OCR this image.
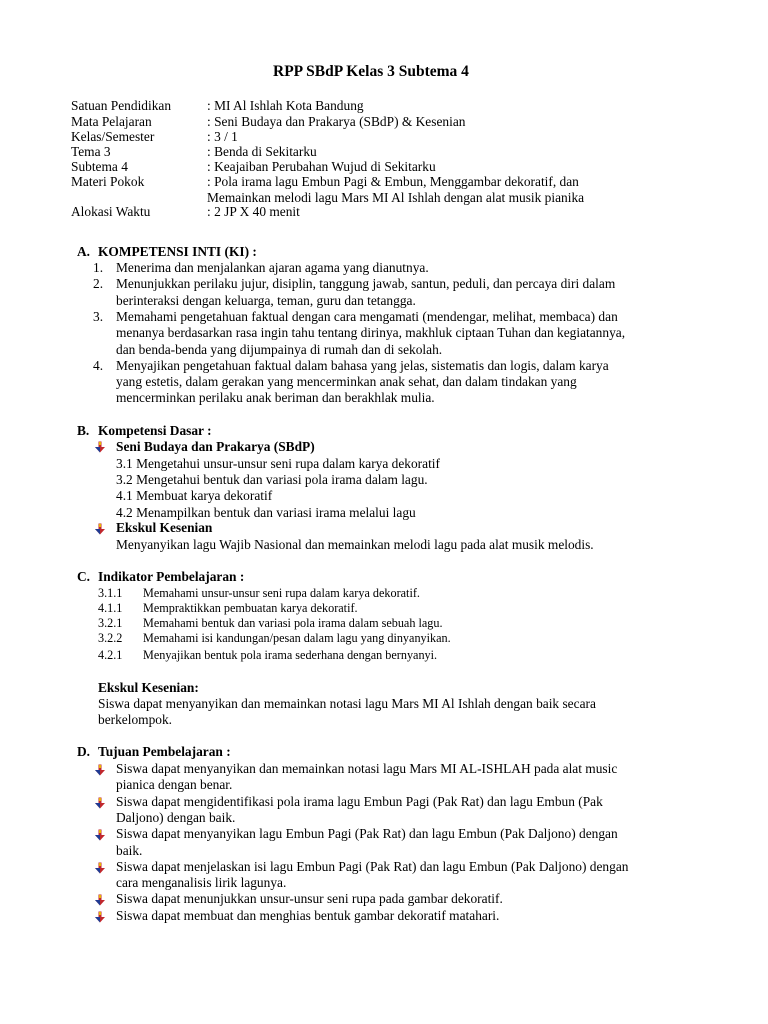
RPP SBdP Kelas 3 Subtema 4
Satuan Pendidikan	: MI Al Ishlah Kota Bandung
Mata Pelajaran	: Seni Budaya dan Prakarya (SBdP) & Kesenian
Kelas/Semester	: 3 / 1
Tema 3	: Benda di Sekitarku
Subtema 4	: Keajaiban Perubahan Wujud di Sekitarku
Materi Pokok	: Pola irama lagu Embun Pagi & Embun, Menggambar dekoratif, dan
Memainkan melodi lagu Mars MI Al Ishlah dengan alat musik pianika
Alokasi Waktu	: 2 JP X 40 menit
A. KOMPETENSI INTI (KI) :
1. Menerima dan menjalankan ajaran agama yang dianutnya.
2. Menunjukkan perilaku jujur, disiplin, tanggung jawab, santun, peduli, dan percaya diri dalam
berinteraksi dengan keluarga, teman, guru dan tetangga.
3. Memahami pengetahuan faktual dengan cara mengamati (mendengar, melihat, membaca) dan
menanya berdasarkan rasa ingin tahu tentang dirinya, makhluk ciptaan Tuhan dan kegiatannya,
dan benda-benda yang dijumpainya di rumah dan di sekolah.
4. Menyajikan pengetahuan faktual dalam bahasa yang jelas, sistematis dan logis, dalam karya
yang estetis, dalam gerakan yang mencerminkan anak sehat, dan dalam tindakan yang
mencerminkan perilaku anak beriman dan berakhlak mulia.
B. Kompetensi Dasar :
Seni Budaya dan Prakarya (SBdP)
3.1 Mengetahui unsur-unsur seni rupa dalam karya dekoratif
3.2 Mengetahui bentuk dan variasi pola irama dalam lagu.
4.1 Membuat karya dekoratif
4.2 Menampilkan bentuk dan variasi irama melalui lagu
Ekskul Kesenian
Menyanyikan lagu Wajib Nasional dan memainkan melodi lagu pada alat musik melodis.
C. Indikator Pembelajaran :
3.1.1 Memahami unsur-unsur seni rupa dalam karya dekoratif.
4.1.1 Mempraktikkan pembuatan karya dekoratif.
3.2.1 Memahami bentuk dan variasi pola irama dalam sebuah lagu.
3.2.2 Memahami isi kandungan/pesan dalam lagu yang dinyanyikan.
4.2.1 Menyajikan bentuk pola irama sederhana dengan bernyanyi.
Ekskul Kesenian:
Siswa dapat menyanyikan dan memainkan notasi lagu Mars MI Al Ishlah dengan baik secara
berkelompok.
D. Tujuan Pembelajaran :
Siswa dapat menyanyikan dan memainkan notasi lagu Mars MI AL-ISHLAH pada alat music
pianica dengan benar.
Siswa dapat mengidentifikasi pola irama lagu Embun Pagi (Pak Rat) dan lagu Embun (Pak
Daljono) dengan baik.
Siswa dapat menyanyikan lagu Embun Pagi (Pak Rat) dan lagu Embun (Pak Daljono) dengan
baik.
Siswa dapat menjelaskan isi lagu Embun Pagi (Pak Rat) dan lagu Embun (Pak Daljono) dengan
cara menganalisis lirik lagunya.
Siswa dapat menunjukkan unsur-unsur seni rupa pada gambar dekoratif.
Siswa dapat membuat dan menghias bentuk gambar dekoratif matahari.
